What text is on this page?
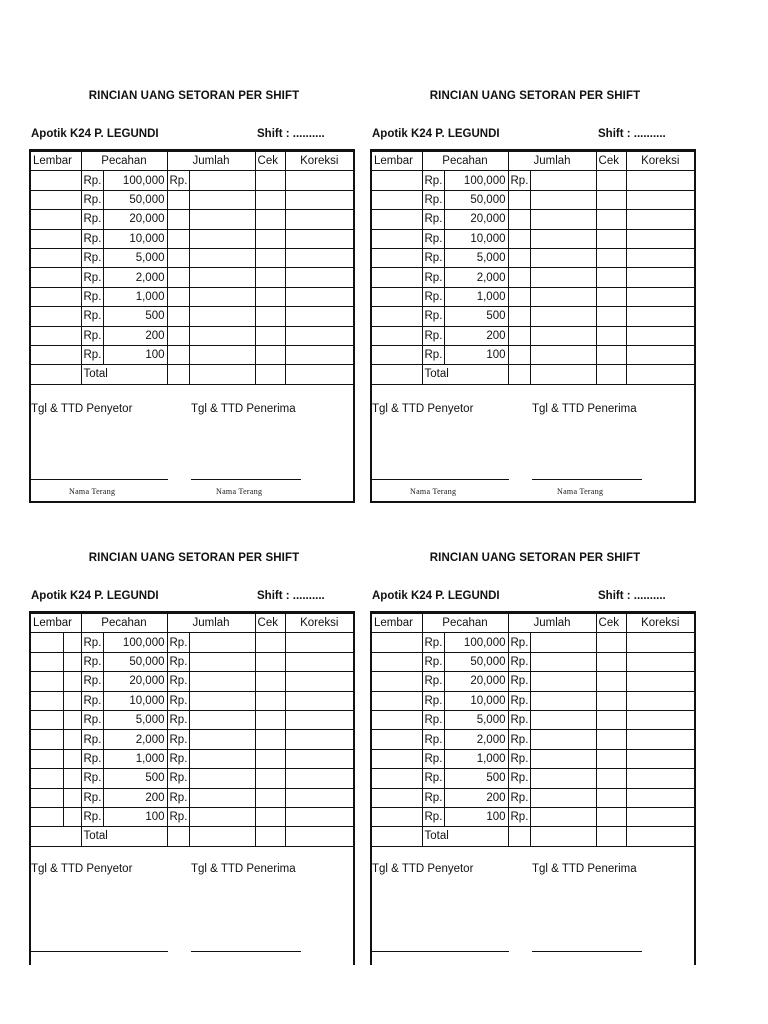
RINCIAN UANG SETORAN PER SHIFT
Apotik K24 P. LEGUNDI	Shift : ..........
Lembar	Pecahan		Jumlah		Cek	Koreksi
	Rp.	100,000	Rp.			
	Rp.	50,000				
	Rp.	20,000				
	Rp.	10,000				
	Rp.	5,000				
	Rp.	2,000				
	Rp.	1,000				
	Rp.	500				
	Rp.	200				
	Rp.	100				
	Total					
Tgl & TTD Penyetor	Tgl & TTD Penerima
Nama Terang	Nama Terang
RINCIAN UANG SETORAN PER SHIFT
Apotik K24 P. LEGUNDI	Shift : ..........
Lembar	Pecahan		Jumlah		Cek	Koreksi
	Rp.	100,000	Rp.			
	Rp.	50,000				
	Rp.	20,000				
	Rp.	10,000				
	Rp.	5,000				
	Rp.	2,000				
	Rp.	1,000				
	Rp.	500				
	Rp.	200				
	Rp.	100				
	Total					
Tgl & TTD Penyetor	Tgl & TTD Penerima
Nama Terang	Nama Terang
RINCIAN UANG SETORAN PER SHIFT
Apotik K24 P. LEGUNDI	Shift : ..........
Lembar		Pecahan		Jumlah		Cek	Koreksi
		Rp.	100,000	Rp.			
		Rp.	50,000	Rp.			
		Rp.	20,000	Rp.			
		Rp.	10,000	Rp.			
		Rp.	5,000	Rp.			
		Rp.	2,000	Rp.			
		Rp.	1,000	Rp.			
		Rp.	500	Rp.			
		Rp.	200	Rp.			
		Rp.	100	Rp.			
		Total					
Tgl & TTD Penyetor	Tgl & TTD Penerima
RINCIAN UANG SETORAN PER SHIFT
Apotik K24 P. LEGUNDI	Shift : ..........
Lembar	Pecahan		Jumlah		Cek	Koreksi
	Rp.	100,000	Rp.			
	Rp.	50,000	Rp.			
	Rp.	20,000	Rp.			
	Rp.	10,000	Rp.			
	Rp.	5,000	Rp.			
	Rp.	2,000	Rp.			
	Rp.	1,000	Rp.			
	Rp.	500	Rp.			
	Rp.	200	Rp.			
	Rp.	100	Rp.			
	Total					
Tgl & TTD Penyetor	Tgl & TTD Penerima
